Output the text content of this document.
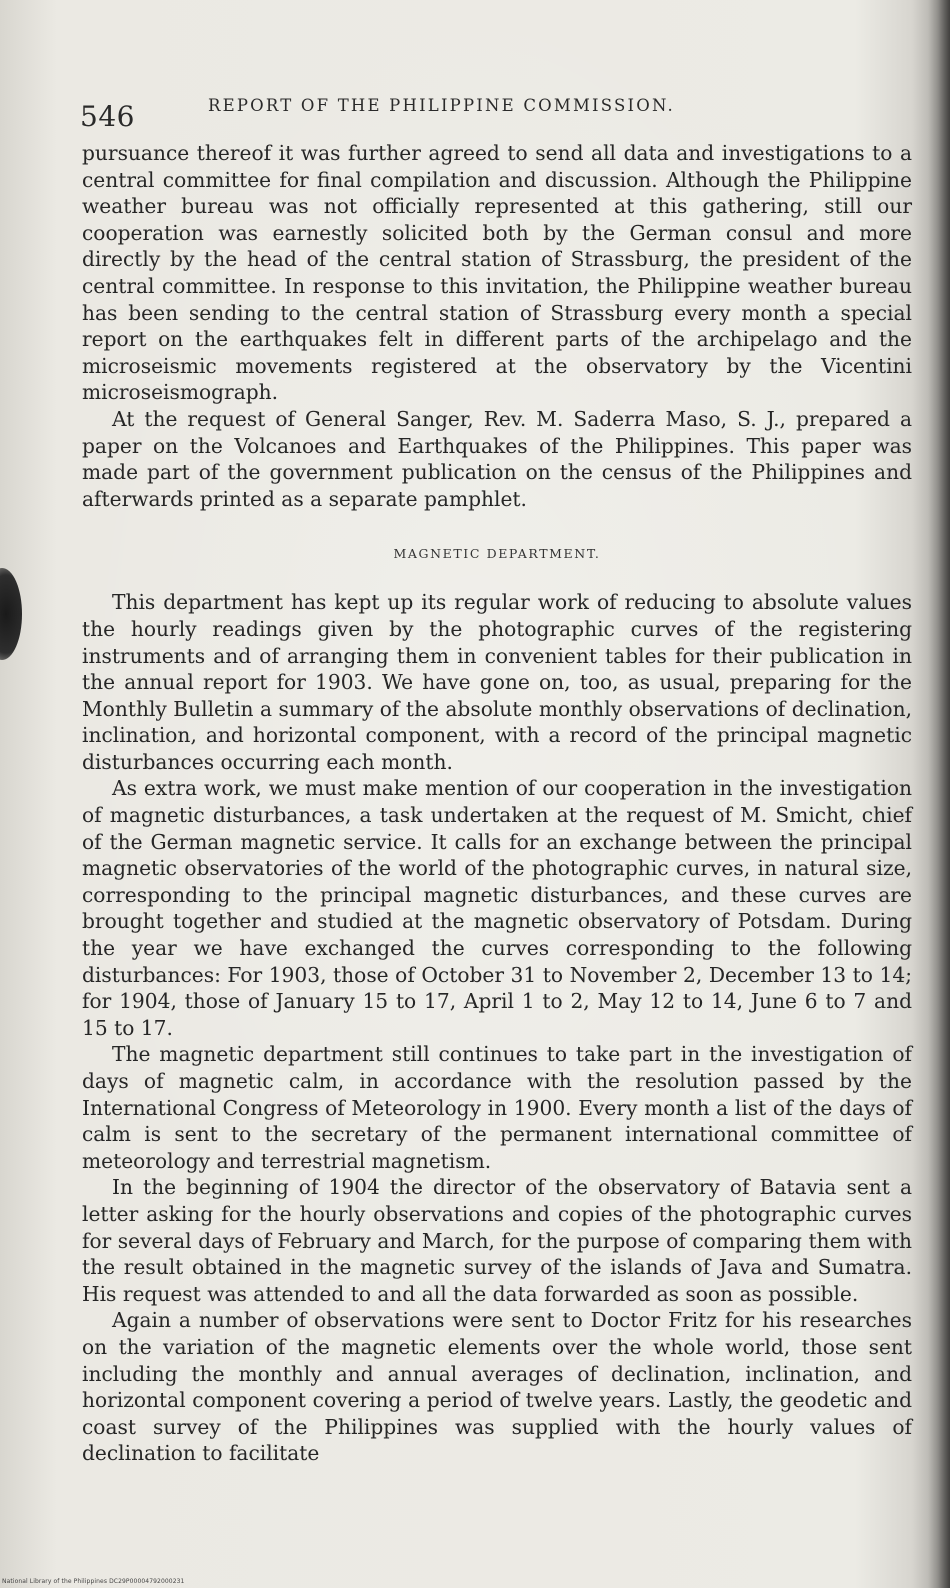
546	REPORT OF THE PHILIPPINE COMMISSION.

pursuance thereof it was further agreed to send all data and investigations to a central committee for final compilation and discussion. Although the Philippine weather bureau was not officially represented at this gathering, still our cooperation was earnestly solicited both by the German consul and more directly by the head of the central station of Strassburg, the president of the central committee. In response to this invitation, the Philippine weather bureau has been sending to the central station of Strassburg every month a special report on the earthquakes felt in different parts of the archipelago and the microseismic movements registered at the observatory by the Vicentini microseismograph.

At the request of General Sanger, Rev. M. Saderra Maso, S. J., prepared a paper on the Volcanoes and Earthquakes of the Philippines. This paper was made part of the government publication on the census of the Philippines and afterwards printed as a separate pamphlet.

MAGNETIC DEPARTMENT.

This department has kept up its regular work of reducing to absolute values the hourly readings given by the photographic curves of the registering instruments and of arranging them in convenient tables for their publication in the annual report for 1903. We have gone on, too, as usual, preparing for the Monthly Bulletin a summary of the absolute monthly observations of declination, inclination, and horizontal component, with a record of the principal magnetic disturbances occurring each month.

As extra work, we must make mention of our cooperation in the investigation of magnetic disturbances, a task undertaken at the request of M. Smicht, chief of the German magnetic service. It calls for an exchange between the principal magnetic observatories of the world of the photographic curves, in natural size, corresponding to the principal magnetic disturbances, and these curves are brought together and studied at the magnetic observatory of Potsdam. During the year we have exchanged the curves corresponding to the following disturbances: For 1903, those of October 31 to November 2, December 13 to 14; for 1904, those of January 15 to 17, April 1 to 2, May 12 to 14, June 6 to 7 and 15 to 17.

The magnetic department still continues to take part in the investigation of days of magnetic calm, in accordance with the resolution passed by the International Congress of Meteorology in 1900. Every month a list of the days of calm is sent to the secretary of the permanent international committee of meteorology and terrestrial magnetism.

In the beginning of 1904 the director of the observatory of Batavia sent a letter asking for the hourly observations and copies of the photographic curves for several days of February and March, for the purpose of comparing them with the result obtained in the magnetic survey of the islands of Java and Sumatra. His request was attended to and all the data forwarded as soon as possible.

Again a number of observations were sent to Doctor Fritz for his researches on the variation of the magnetic elements over the whole world, those sent including the monthly and annual averages of declination, inclination, and horizontal component covering a period of twelve years. Lastly, the geodetic and coast survey of the Philippines was supplied with the hourly values of declination to facilitate

National Library of the Philippines DC29P00004792000231
